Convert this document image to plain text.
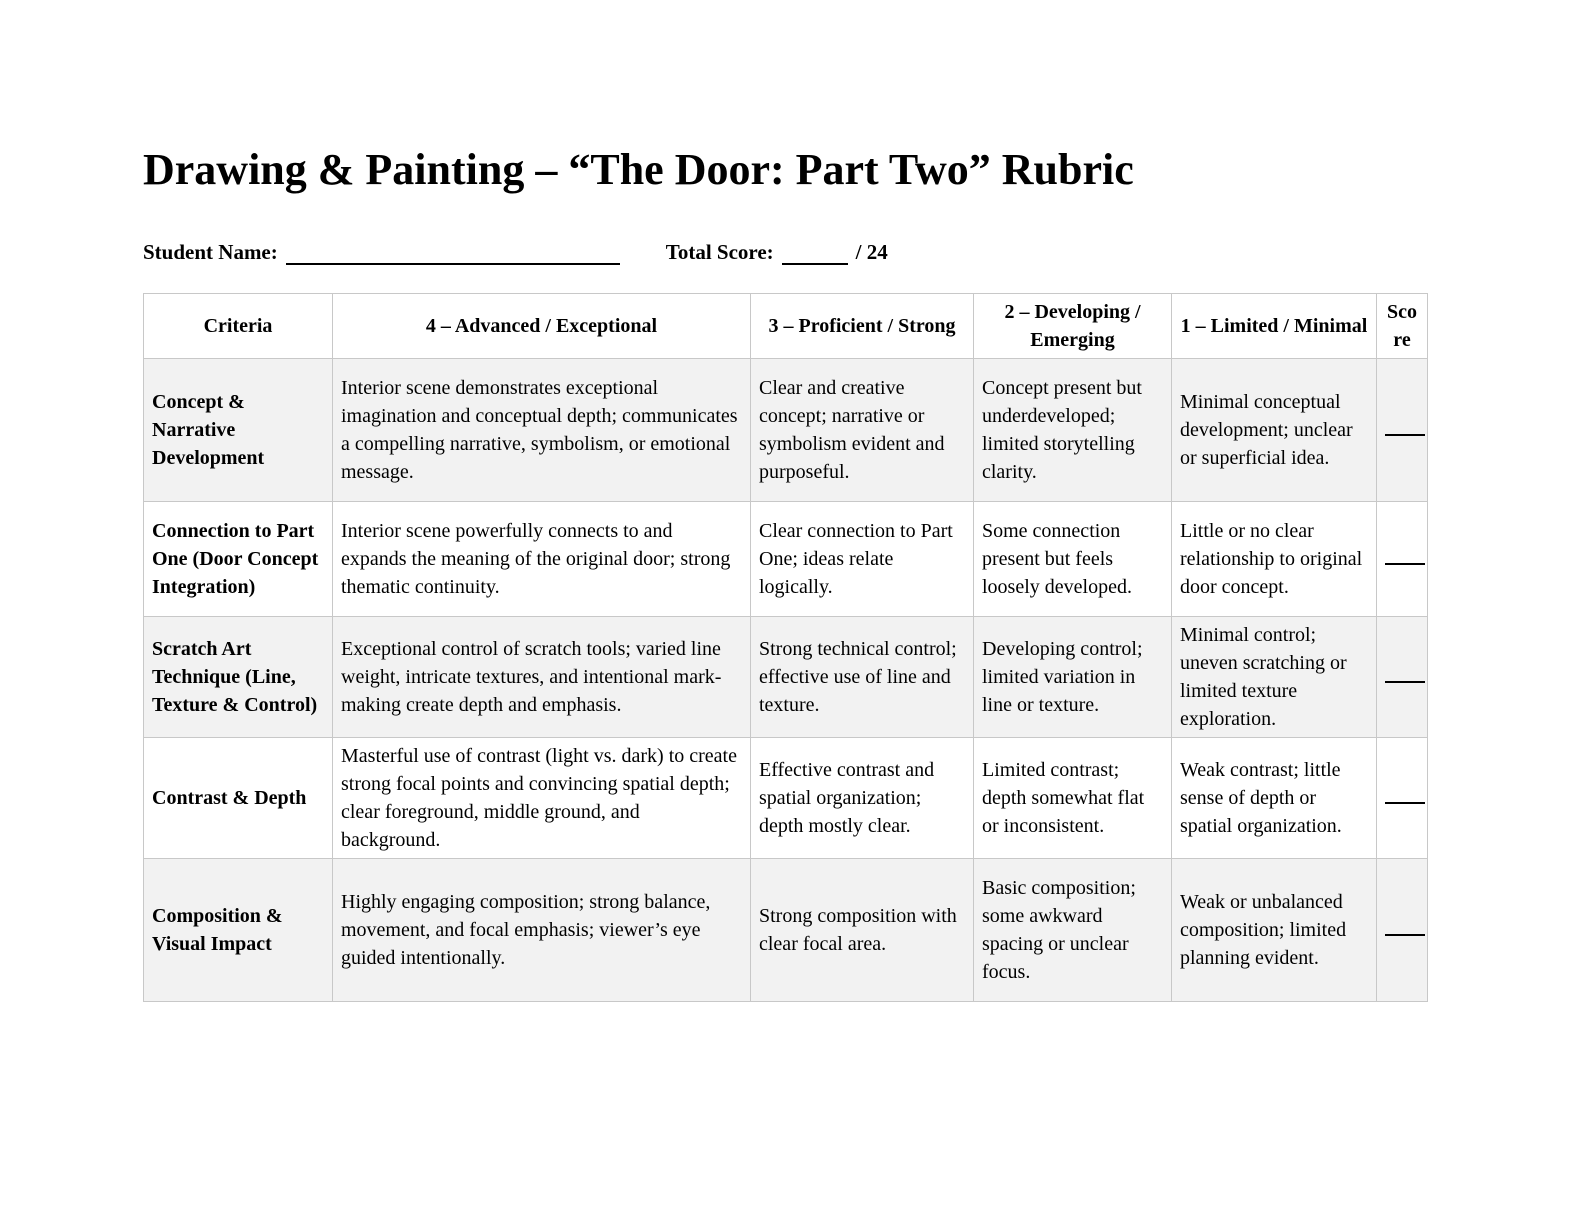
Drawing & Painting – “The Door: Part Two” Rubric
Student Name:	Total Score:	/ 24
Criteria	4 – Advanced / Exceptional	3 – Proficient / Strong	2 – Developing / Emerging	1 – Limited / Minimal	Score
Concept & Narrative Development	Interior scene demonstrates exceptional imagination and conceptual depth; communicates a compelling narrative, symbolism, or emotional message.	Clear and creative concept; narrative or symbolism evident and purposeful.	Concept present but underdeveloped; limited storytelling clarity.	Minimal conceptual development; unclear or superficial idea.	
Connection to Part One (Door Concept Integration)	Interior scene powerfully connects to and expands the meaning of the original door; strong thematic continuity.	Clear connection to Part One; ideas relate logically.	Some connection present but feels loosely developed.	Little or no clear relationship to original door concept.	
Scratch Art Technique (Line, Texture & Control)	Exceptional control of scratch tools; varied line weight, intricate textures, and intentional mark-making create depth and emphasis.	Strong technical control; effective use of line and texture.	Developing control; limited variation in line or texture.	Minimal control; uneven scratching or limited texture exploration.	
Contrast & Depth	Masterful use of contrast (light vs. dark) to create strong focal points and convincing spatial depth; clear foreground, middle ground, and background.	Effective contrast and spatial organization; depth mostly clear.	Limited contrast; depth somewhat flat or inconsistent.	Weak contrast; little sense of depth or spatial organization.	
Composition & Visual Impact	Highly engaging composition; strong balance, movement, and focal emphasis; viewer’s eye guided intentionally.	Strong composition with clear focal area.	Basic composition; some awkward spacing or unclear focus.	Weak or unbalanced composition; limited planning evident.	
